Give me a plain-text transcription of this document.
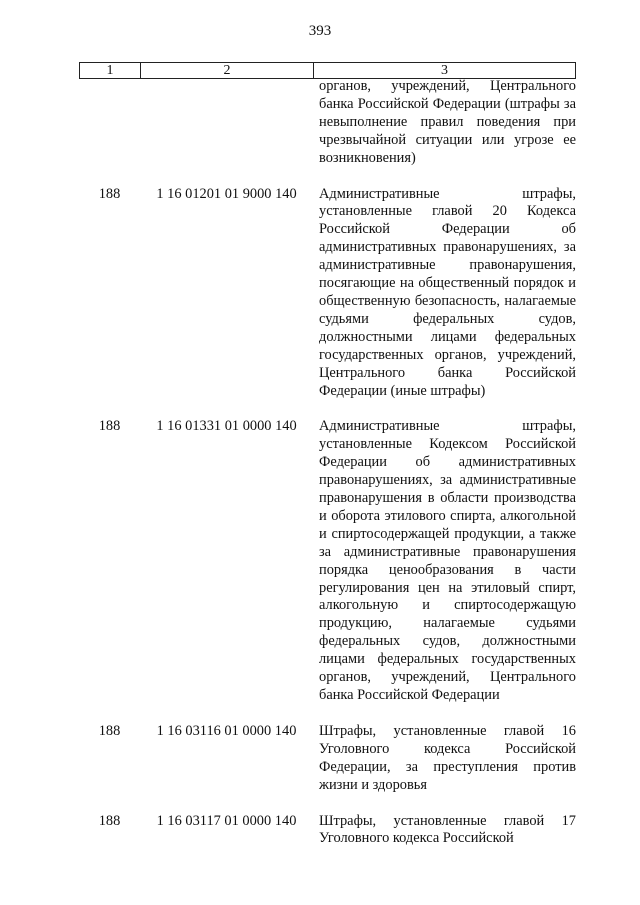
393
1	2	3
органов, учреждений, Центрального банка Российской Федерации (штрафы за невыполнение правил поведения при чрезвычайной ситуации или угрозе ее возникновения)
188	1 16 01201 01 9000 140	Административные штрафы, установленные главой 20 Кодекса Российской Федерации об административных правонарушениях, за административные правонарушения, посягающие на общественный порядок и общественную безопасность, налагаемые судьями федеральных судов, должностными лицами федеральных государственных органов, учреждений, Центрального банка Российской Федерации (иные штрафы)
188	1 16 01331 01 0000 140	Административные штрафы, установленные Кодексом Российской Федерации об административных правонарушениях, за административные правонарушения в области производства и оборота этилового спирта, алкогольной и спиртосодержащей продукции, а также за административные правонарушения порядка ценообразования в части регулирования цен на этиловый спирт, алкогольную и спиртосодержащую продукцию, налагаемые судьями федеральных судов, должностными лицами федеральных государственных органов, учреждений, Центрального банка Российской Федерации
188	1 16 03116 01 0000 140	Штрафы, установленные главой 16 Уголовного кодекса Российской Федерации, за преступления против жизни и здоровья
188	1 16 03117 01 0000 140	Штрафы, установленные главой 17 Уголовного кодекса Российской
